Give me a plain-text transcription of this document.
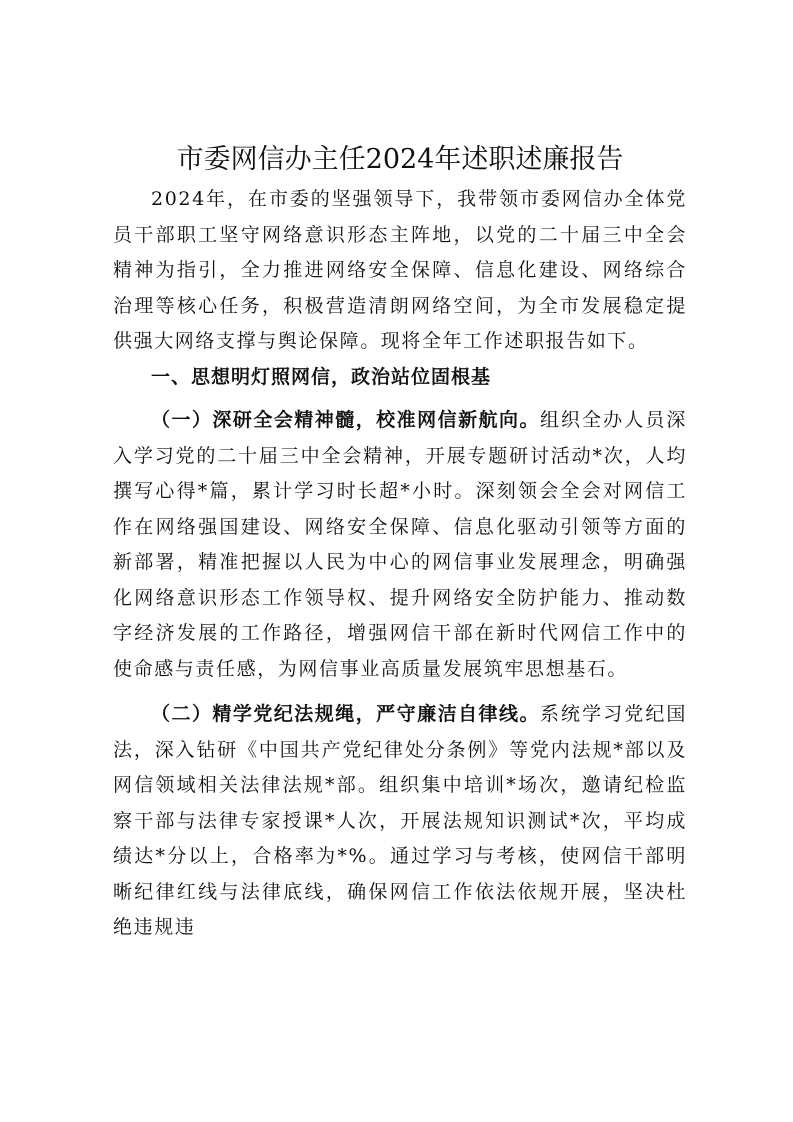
市委网信办主任2024年述职述廉报告

2024年，在市委的坚强领导下，我带领市委网信办全体党员干部职工坚守网络意识形态主阵地，以党的二十届三中全会精神为指引，全力推进网络安全保障、信息化建设、网络综合治理等核心任务，积极营造清朗网络空间，为全市发展稳定提供强大网络支撑与舆论保障。现将全年工作述职报告如下。

一、思想明灯照网信，政治站位固根基

（一）深研全会精神髓，校准网信新航向。组织全办人员深入学习党的二十届三中全会精神，开展专题研讨活动*次，人均撰写心得*篇，累计学习时长超*小时。深刻领会全会对网信工作在网络强国建设、网络安全保障、信息化驱动引领等方面的新部署，精准把握以人民为中心的网信事业发展理念，明确强化网络意识形态工作领导权、提升网络安全防护能力、推动数字经济发展的工作路径，增强网信干部在新时代网信工作中的使命感与责任感，为网信事业高质量发展筑牢思想基石。

（二）精学党纪法规绳，严守廉洁自律线。系统学习党纪国法，深入钻研《中国共产党纪律处分条例》等党内法规*部以及网信领域相关法律法规*部。组织集中培训*场次，邀请纪检监察干部与法律专家授课*人次，开展法规知识测试*次，平均成绩达*分以上，合格率为*%。通过学习与考核，使网信干部明晰纪律红线与法律底线，确保网信工作依法依规开展，坚决杜绝违规违
